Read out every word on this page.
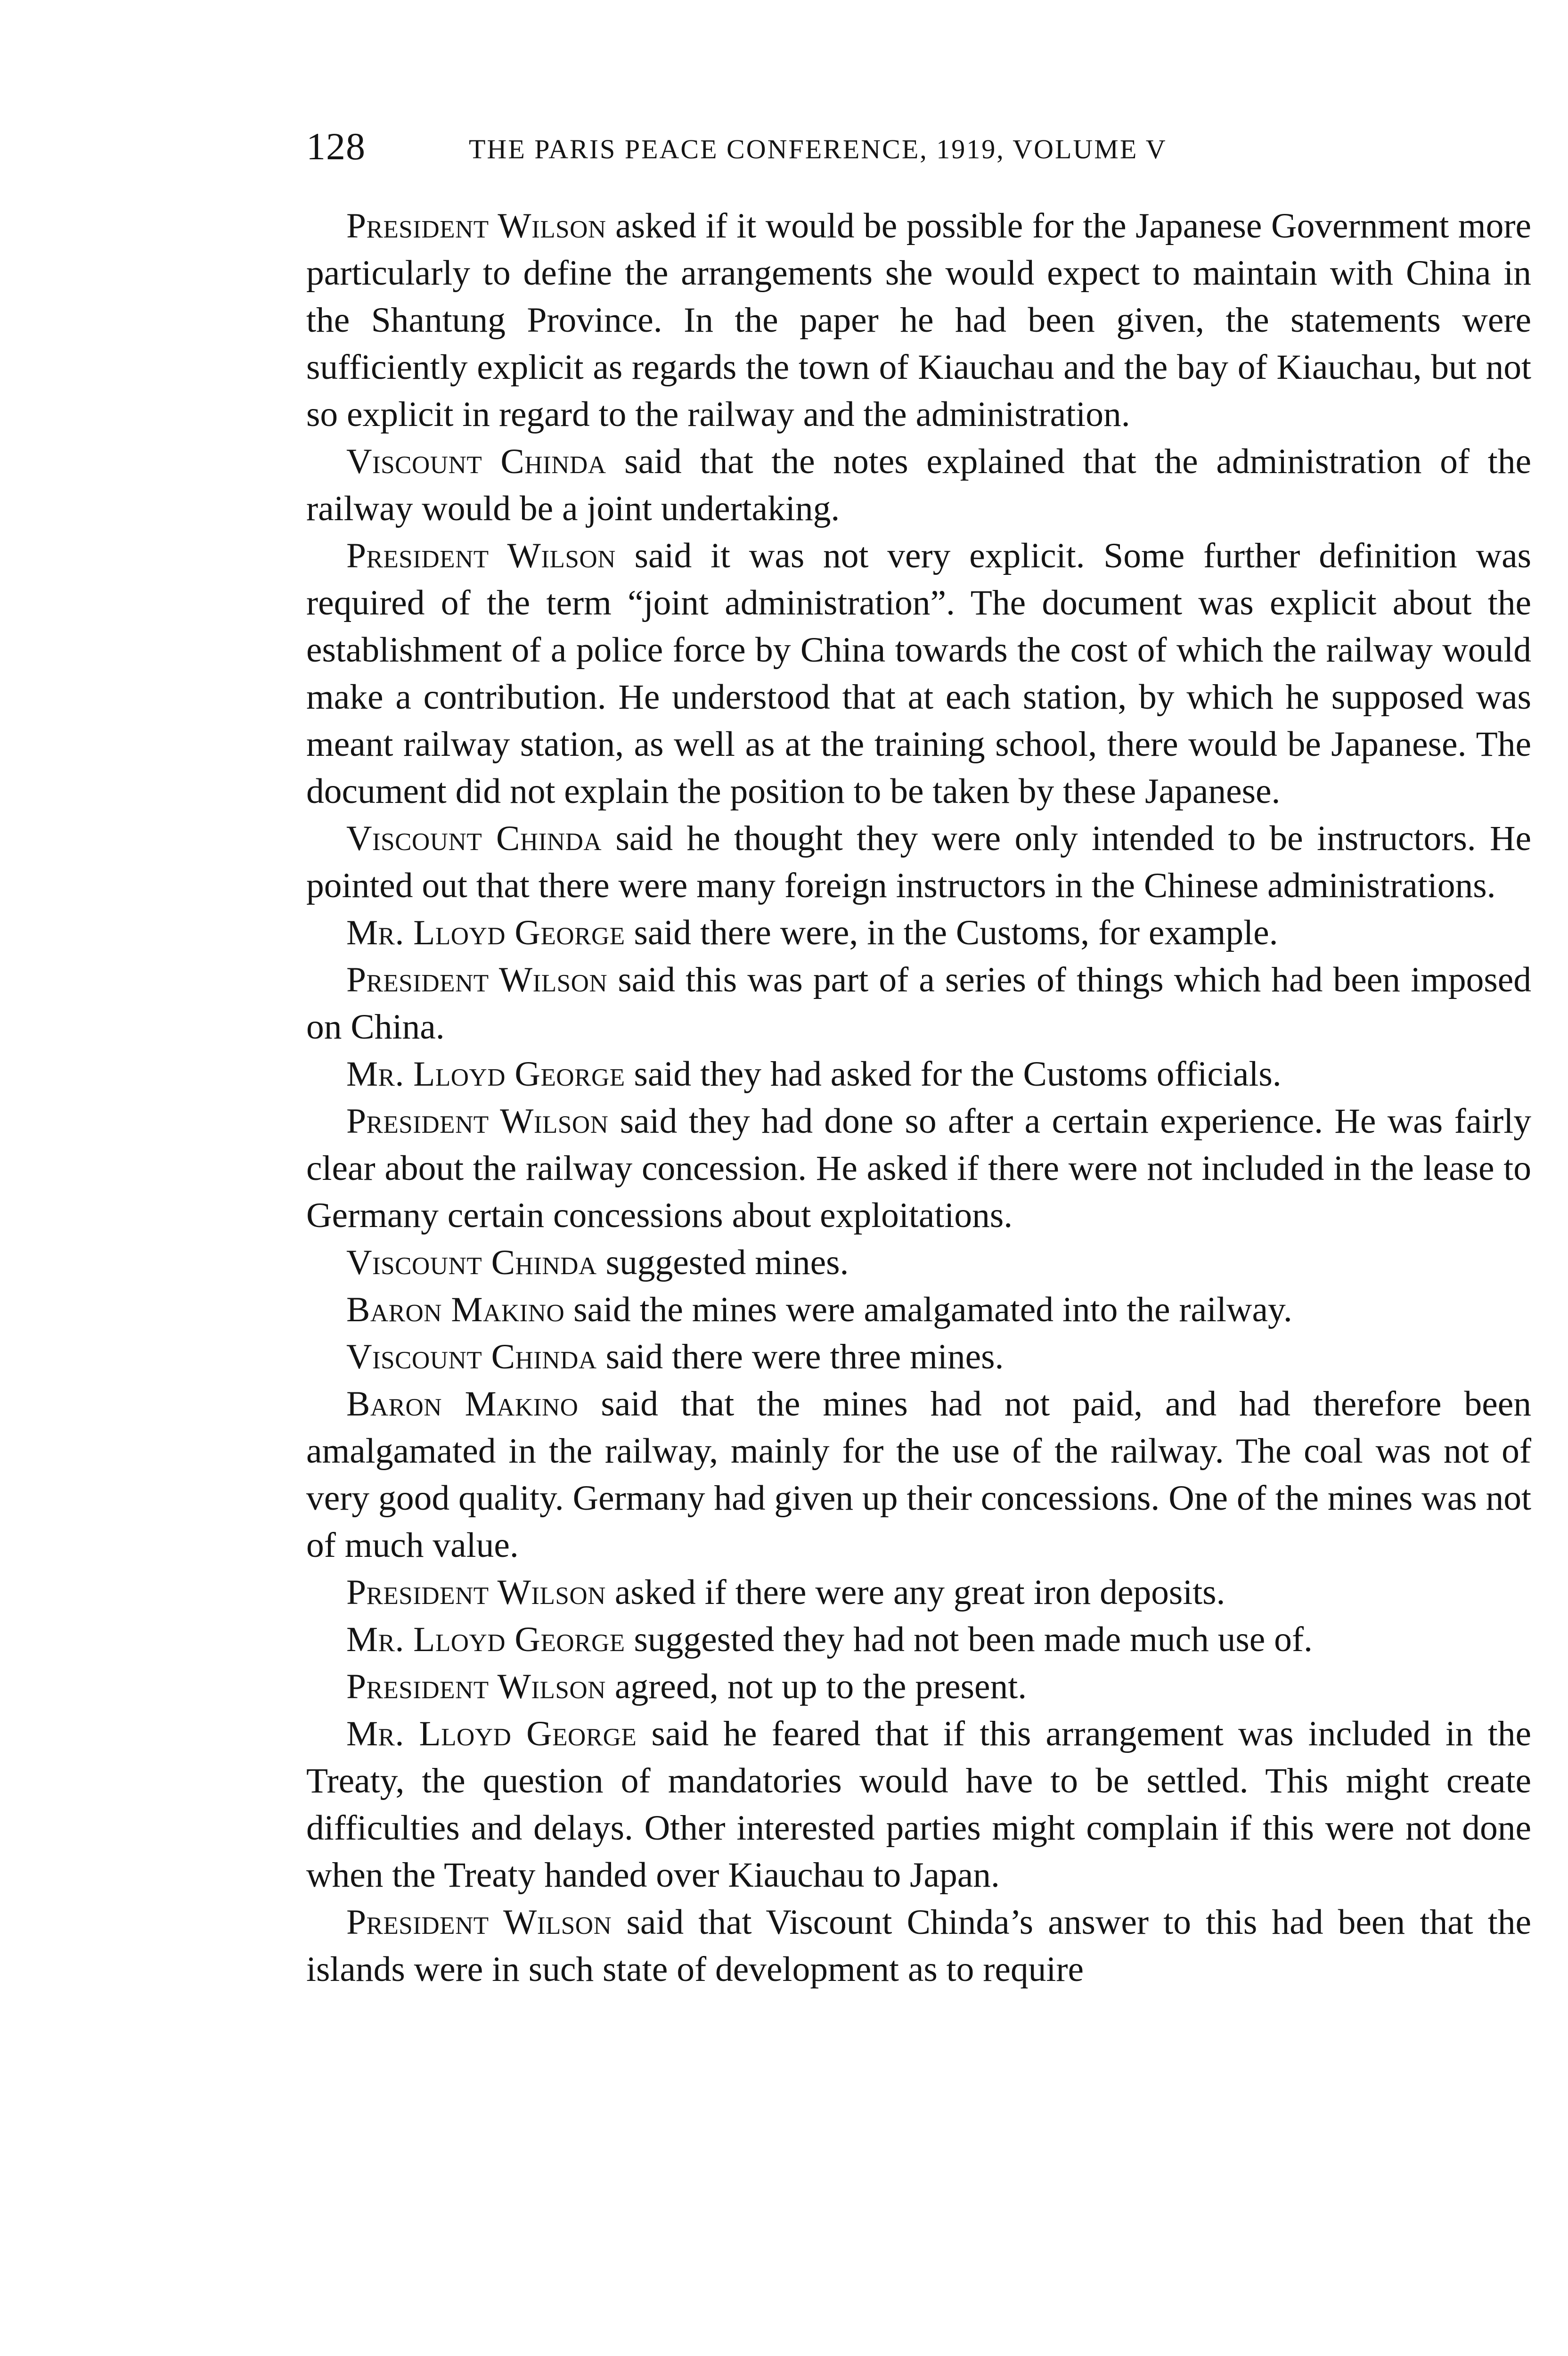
128	THE PARIS PEACE CONFERENCE, 1919, VOLUME V

President Wilson asked if it would be possible for the Japanese Government more particularly to define the arrangements she would expect to maintain with China in the Shantung Province. In the paper he had been given, the statements were sufficiently explicit as regards the town of Kiauchau and the bay of Kiauchau, but not so explicit in regard to the railway and the administration.

Viscount Chinda said that the notes explained that the administration of the railway would be a joint undertaking.

President Wilson said it was not very explicit. Some further definition was required of the term “joint administration”. The document was explicit about the establishment of a police force by China towards the cost of which the railway would make a contribution. He understood that at each station, by which he supposed was meant railway station, as well as at the training school, there would be Japanese. The document did not explain the position to be taken by these Japanese.

Viscount Chinda said he thought they were only intended to be instructors. He pointed out that there were many foreign instructors in the Chinese administrations.

Mr. Lloyd George said there were, in the Customs, for example.

President Wilson said this was part of a series of things which had been imposed on China.

Mr. Lloyd George said they had asked for the Customs officials.

President Wilson said they had done so after a certain experience. He was fairly clear about the railway concession. He asked if there were not included in the lease to Germany certain concessions about exploitations.

Viscount Chinda suggested mines.

Baron Makino said the mines were amalgamated into the railway.

Viscount Chinda said there were three mines.

Baron Makino said that the mines had not paid, and had therefore been amalgamated in the railway, mainly for the use of the railway. The coal was not of very good quality. Germany had given up their concessions. One of the mines was not of much value.

President Wilson asked if there were any great iron deposits.

Mr. Lloyd George suggested they had not been made much use of.

President Wilson agreed, not up to the present.

Mr. Lloyd George said he feared that if this arrangement was included in the Treaty, the question of mandatories would have to be settled. This might create difficulties and delays. Other interested parties might complain if this were not done when the Treaty handed over Kiauchau to Japan.

President Wilson said that Viscount Chinda’s answer to this had been that the islands were in such state of development as to require
